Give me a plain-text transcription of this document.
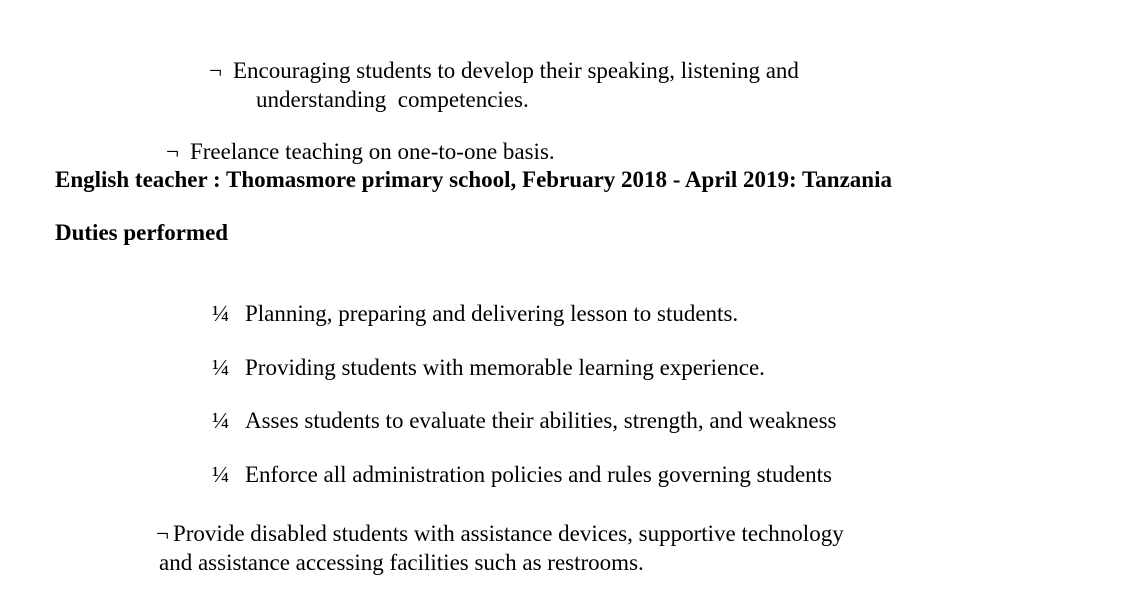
¬ Encouraging students to develop their speaking, listening and

understanding  competencies.

¬ Freelance teaching on one-to-one basis.

English teacher : Thomasmore primary school, February 2018 - April 2019: Tanzania
Duties performed

¼ Planning, preparing and delivering lesson to students.

¼ Providing students with memorable learning experience.

¼ Asses students to evaluate their abilities, strength, and weakness

¼ Enforce all administration policies and rules governing students

¬ Provide disabled students with assistance devices, supportive technology

and assistance accessing facilities such as restrooms.
